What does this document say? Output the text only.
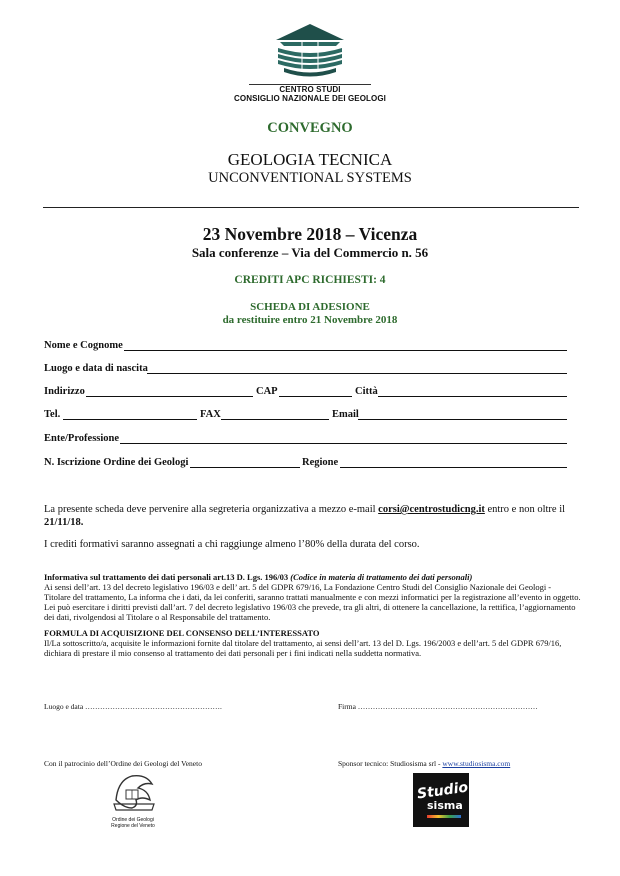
CENTRO STUDI
CONSIGLIO NAZIONALE DEI GEOLOGI
CONVEGNO
GEOLOGIA TECNICA
UNCONVENTIONAL SYSTEMS
23 Novembre 2018 – Vicenza
Sala conferenze – Via del Commercio n. 56
CREDITI APC RICHIESTI: 4
SCHEDA DI ADESIONE
da restituire entro 21 Novembre 2018
Nome e Cognome
Luogo e data di nascita
Indirizzo	CAP	Città
Tel.	FAX	Email
Ente/Professione
N. Iscrizione Ordine dei Geologi	Regione
La presente scheda deve pervenire alla segreteria organizzativa a mezzo e-mail corsi@centrostudicng.it entro e non oltre il
21/11/18.
I crediti formativi saranno assegnati a chi raggiunge almeno l’80% della durata del corso.
Informativa sul trattamento dei dati personali art.13 D. Lgs. 196/03 (Codice in materia di trattamento dei dati personali)
Ai sensi dell’art. 13 del decreto legislativo 196/03 e dell’ art. 5 del GDPR 679/16, La Fondazione Centro Studi del Consiglio Nazionale dei Geologi -
Titolare del trattamento, La informa che i dati, da lei conferiti, saranno trattati manualmente e con mezzi informatici per la registrazione all’evento in oggetto.
Lei può esercitare i diritti previsti dall’art. 7 del decreto legislativo 196/03 che prevede, tra gli altri, di ottenere la cancellazione, la rettifica, l’aggiornamento
dei dati, rivolgendosi al Titolare o al Responsabile del trattamento.
FORMULA DI ACQUISIZIONE DEL CONSENSO DELL’INTERESSATO
Il/La sottoscritto/a, acquisite le informazioni fornite dal titolare del trattamento, ai sensi dell’art. 13 del D. Lgs. 196/2003 e dell’art. 5 del GDPR 679/16,
dichiara di prestare il mio consenso al trattamento dei dati personali per i fini indicati nella suddetta normativa.
Luogo e data ……………………………………………….	Firma ………………………………………………………………
Con il patrocinio dell’Ordine dei Geologi del Veneto	Sponsor tecnico: Studiosisma srl - www.studiosisma.com
Ordine dei Geologi
Regione del Veneto
Studio
sisma
